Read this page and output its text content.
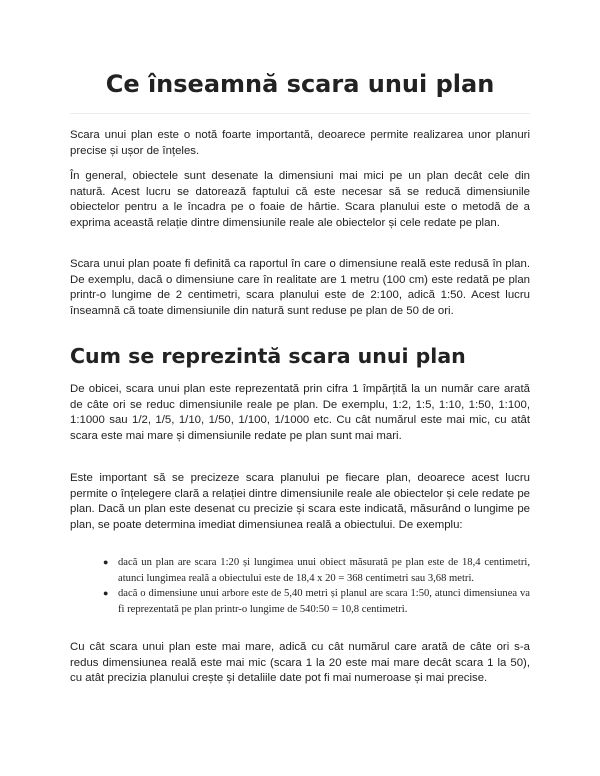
Ce înseamnă scara unui plan

Scara unui plan este o notă foarte importantă, deoarece permite realizarea unor planuri precise și ușor de înțeles.

În general, obiectele sunt desenate la dimensiuni mai mici pe un plan decât cele din natură. Acest lucru se datorează faptului că este necesar să se reducă dimensiunile obiectelor pentru a le încadra pe o foaie de hârtie. Scara planului este o metodă de a exprima această relație dintre dimensiunile reale ale obiectelor și cele redate pe plan.

Scara unui plan poate fi definită ca raportul în care o dimensiune reală este redusă în plan. De exemplu, dacă o dimensiune care în realitate are 1 metru (100 cm) este redată pe plan printr-o lungime de 2 centimetri, scara planului este de 2:100, adică 1:50. Acest lucru înseamnă că toate dimensiunile din natură sunt reduse pe plan de 50 de ori.

Cum se reprezintă scara unui plan

De obicei, scara unui plan este reprezentată prin cifra 1 împărțită la un număr care arată de câte ori se reduc dimensiunile reale pe plan. De exemplu, 1:2, 1:5, 1:10, 1:50, 1:100, 1:1000 sau 1/2, 1/5, 1/10, 1/50, 1/100, 1/1000 etc. Cu cât numărul este mai mic, cu atât scara este mai mare și dimensiunile redate pe plan sunt mai mari.

Este important să se precizeze scara planului pe fiecare plan, deoarece acest lucru permite o înțelegere clară a relației dintre dimensiunile reale ale obiectelor și cele redate pe plan. Dacă un plan este desenat cu precizie și scara este indicată, măsurând o lungime pe plan, se poate determina imediat dimensiunea reală a obiectului. De exemplu:

● dacă un plan are scara 1:20 și lungimea unui obiect măsurată pe plan este de 18,4 centimetri, atunci lungimea reală a obiectului este de 18,4 x 20 = 368 centimetri sau 3,68 metri.
● dacă o dimensiune unui arbore este de 5,40 metri și planul are scara 1:50, atunci dimensiunea va fi reprezentată pe plan printr-o lungime de 540:50 = 10,8 centimetri.

Cu cât scara unui plan este mai mare, adică cu cât numărul care arată de câte ori s-a redus dimensiunea reală este mai mic (scara 1 la 20 este mai mare decât scara 1 la 50), cu atât precizia planului crește și detaliile date pot fi mai numeroase și mai precise.
